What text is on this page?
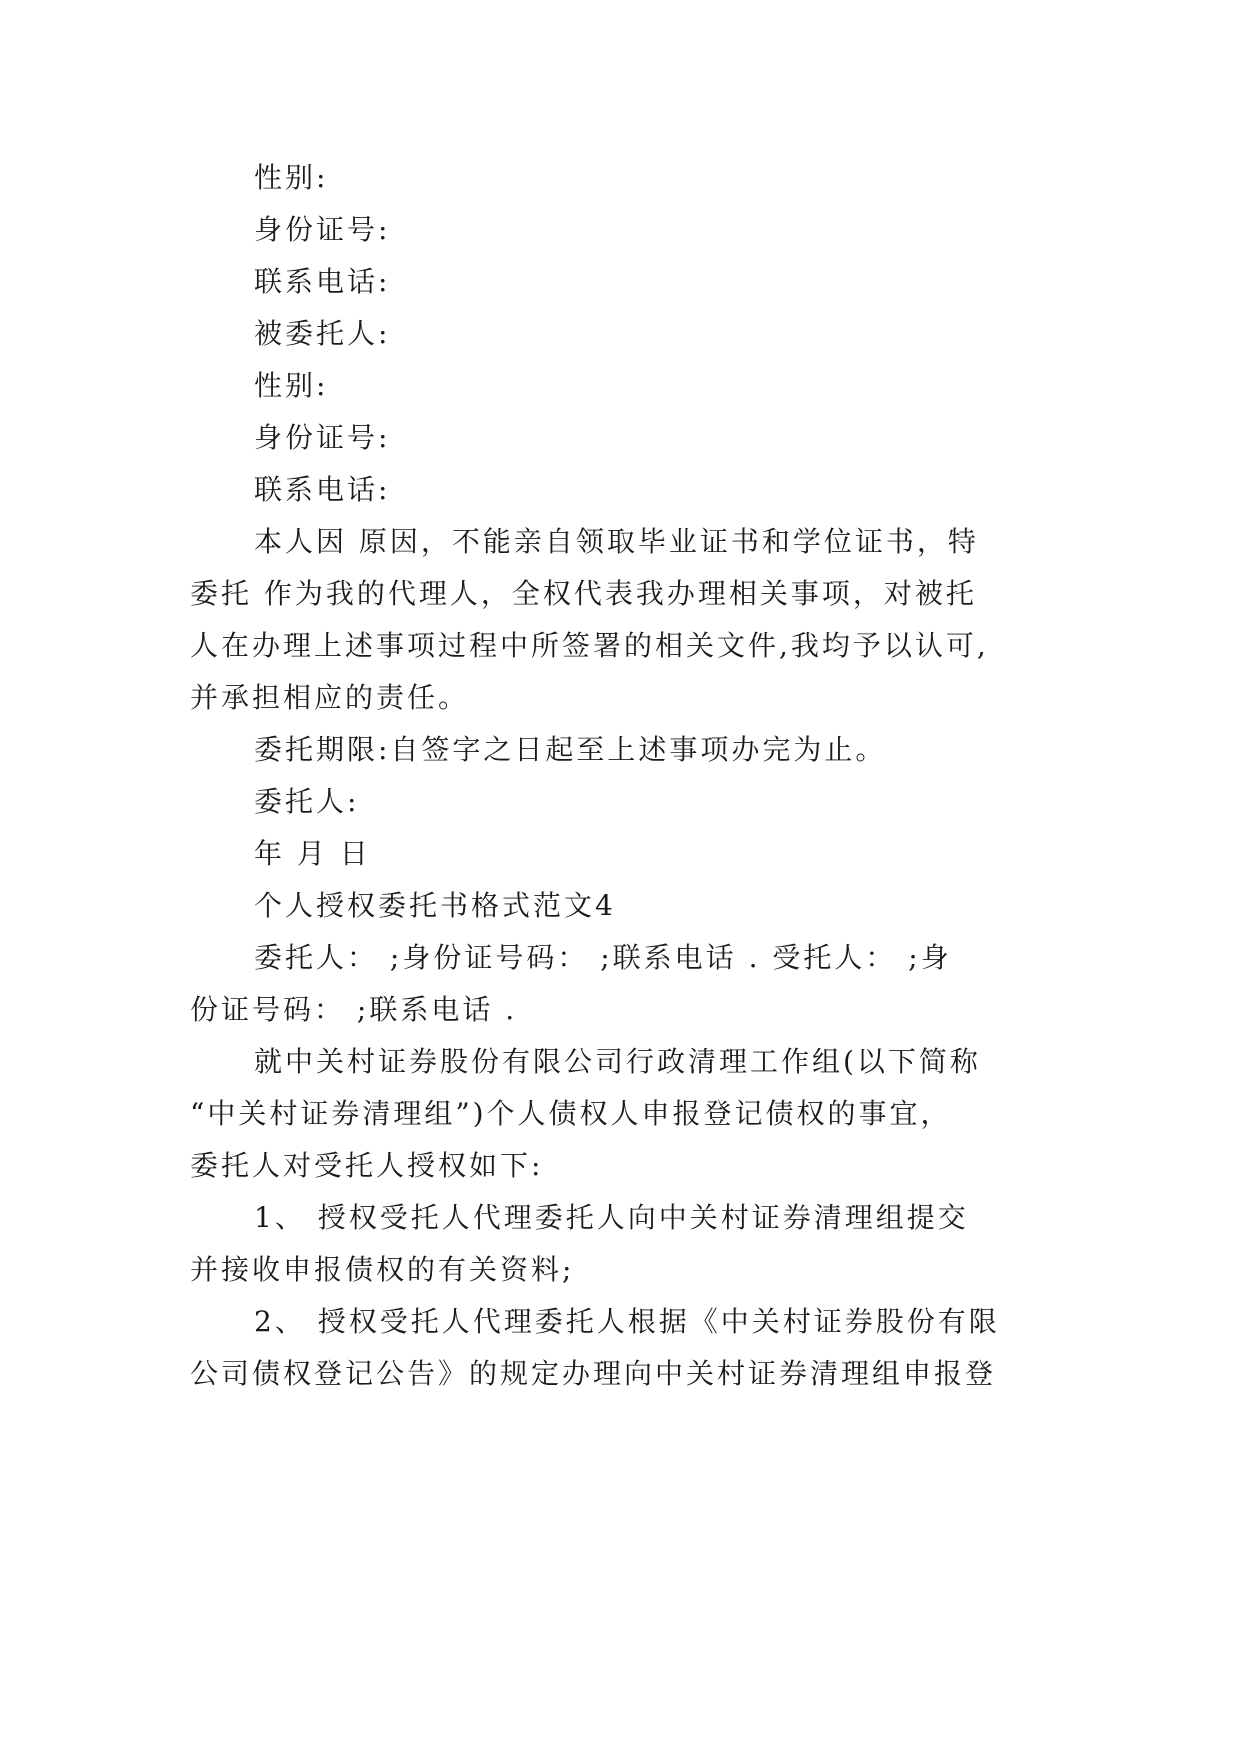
性别:
身份证号:
联系电话:
被委托人:
性别:
身份证号:
联系电话:
本人因 原因，不能亲自领取毕业证书和学位证书，特
委托 作为我的代理人，全权代表我办理相关事项，对被托
人在办理上述事项过程中所签署的相关文件,我均予以认可,
并承担相应的责任。
委托期限:自签字之日起至上述事项办完为止。
委托人:
年 月 日
个人授权委托书格式范文4
委托人： ;身份证号码： ;联系电话 . 受托人： ;身
份证号码： ;联系电话 .
就中关村证券股份有限公司行政清理工作组(以下简称
“中关村证券清理组”)个人债权人申报登记债权的事宜，
委托人对受托人授权如下:
1、 授权受托人代理委托人向中关村证券清理组提交
并接收申报债权的有关资料;
2、 授权受托人代理委托人根据《中关村证券股份有限
公司债权登记公告》的规定办理向中关村证券清理组申报登
